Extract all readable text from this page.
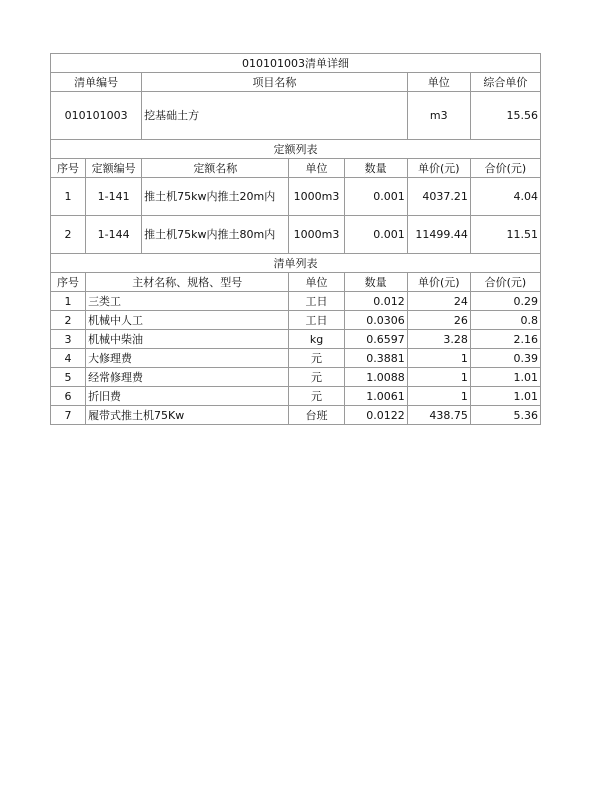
010101003清单详细						
清单编号		项目名称			单位	综合单价
010101003		挖基础土方			m3	15.56
定额列表						
序号	定额编号	定额名称	单位	数量	单价(元)	合价(元)
1	1-141	推土机75kw内推土20m内	1000m3	0.001	4037.21	4.04
2	1-144	推土机75kw内推土80m内	1000m3	0.001	11499.44	11.51
清单列表						
序号	主材名称、规格、型号		单位	数量	单价(元)	合价(元)
1	三类工		工日	0.012	24	0.29
2	机械中人工		工日	0.0306	26	0.8
3	机械中柴油		kg	0.6597	3.28	2.16
4	大修理费		元	0.3881	1	0.39
5	经常修理费		元	1.0088	1	1.01
6	折旧费		元	1.0061	1	1.01
7	履带式推土机75Kw		台班	0.0122	438.75	5.36
